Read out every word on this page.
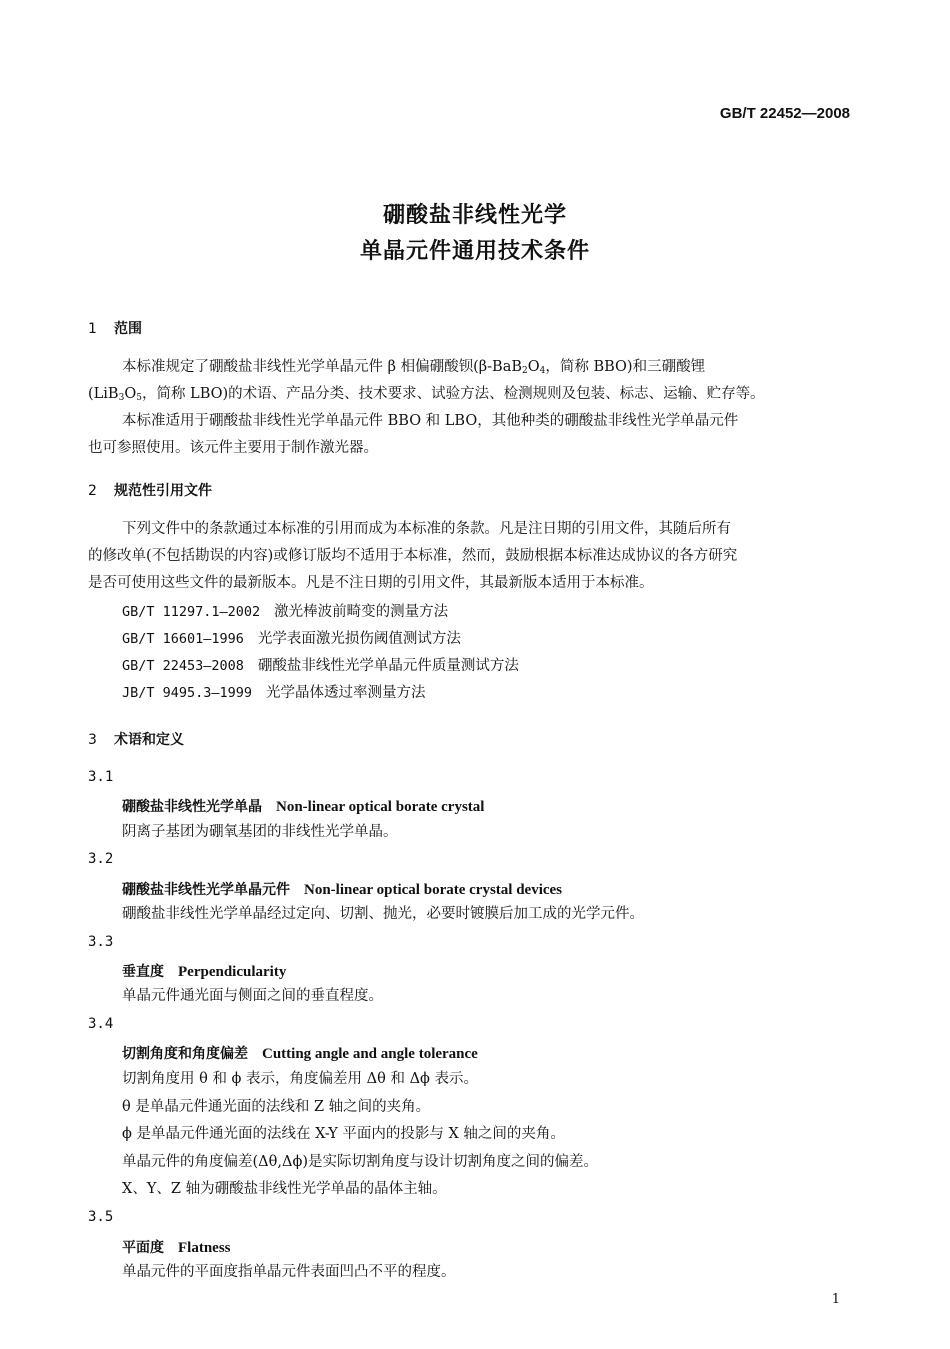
GB/T 22452—2008
硼酸盐非线性光学
单晶元件通用技术条件
1 范围
本标准规定了硼酸盐非线性光学单晶元件 β 相偏硼酸钡($\beta-BaB_2O_4$，简称 BBO)和三硼酸锂
($LiB_3O_5$，简称 LBO)的术语、产品分类、技术要求、试验方法、检测规则及包装、标志、运输、贮存等。
本标准适用于硼酸盐非线性光学单晶元件 BBO 和 LBO，其他种类的硼酸盐非线性光学单晶元件
也可参照使用。该元件主要用于制作激光器。
2 规范性引用文件
下列文件中的条款通过本标准的引用而成为本标准的条款。凡是注日期的引用文件，其随后所有
的修改单(不包括勘误的内容)或修订版均不适用于本标准，然而，鼓励根据本标准达成协议的各方研究
是否可使用这些文件的最新版本。凡是不注日期的引用文件，其最新版本适用于本标准。
GB/T 11297.1—2002 激光棒波前畸变的测量方法
GB/T 16601—1996 光学表面激光损伤阈值测试方法
GB/T 22453—2008 硼酸盐非线性光学单晶元件质量测试方法
JB/T 9495.3—1999 光学晶体透过率测量方法
3 术语和定义
3.1
硼酸盐非线性光学单晶 Non-linear optical borate crystal
阴离子基团为硼氧基团的非线性光学单晶。
3.2
硼酸盐非线性光学单晶元件 Non-linear optical borate crystal devices
硼酸盐非线性光学单晶经过定向、切割、抛光，必要时镀膜后加工成的光学元件。
3.3
垂直度 Perpendicularity
单晶元件通光面与侧面之间的垂直程度。
3.4
切割角度和角度偏差 Cutting angle and angle tolerance
切割角度用 θ 和 ϕ 表示，角度偏差用 Δθ 和 Δϕ 表示。
θ 是单晶元件通光面的法线和 Z 轴之间的夹角。
ϕ 是单晶元件通光面的法线在 X-Y 平面内的投影与 X 轴之间的夹角。
单晶元件的角度偏差(Δθ,Δϕ)是实际切割角度与设计切割角度之间的偏差。
X、Y、Z 轴为硼酸盐非线性光学单晶的晶体主轴。
3.5
平面度 Flatness
单晶元件的平面度指单晶元件表面凹凸不平的程度。
1
